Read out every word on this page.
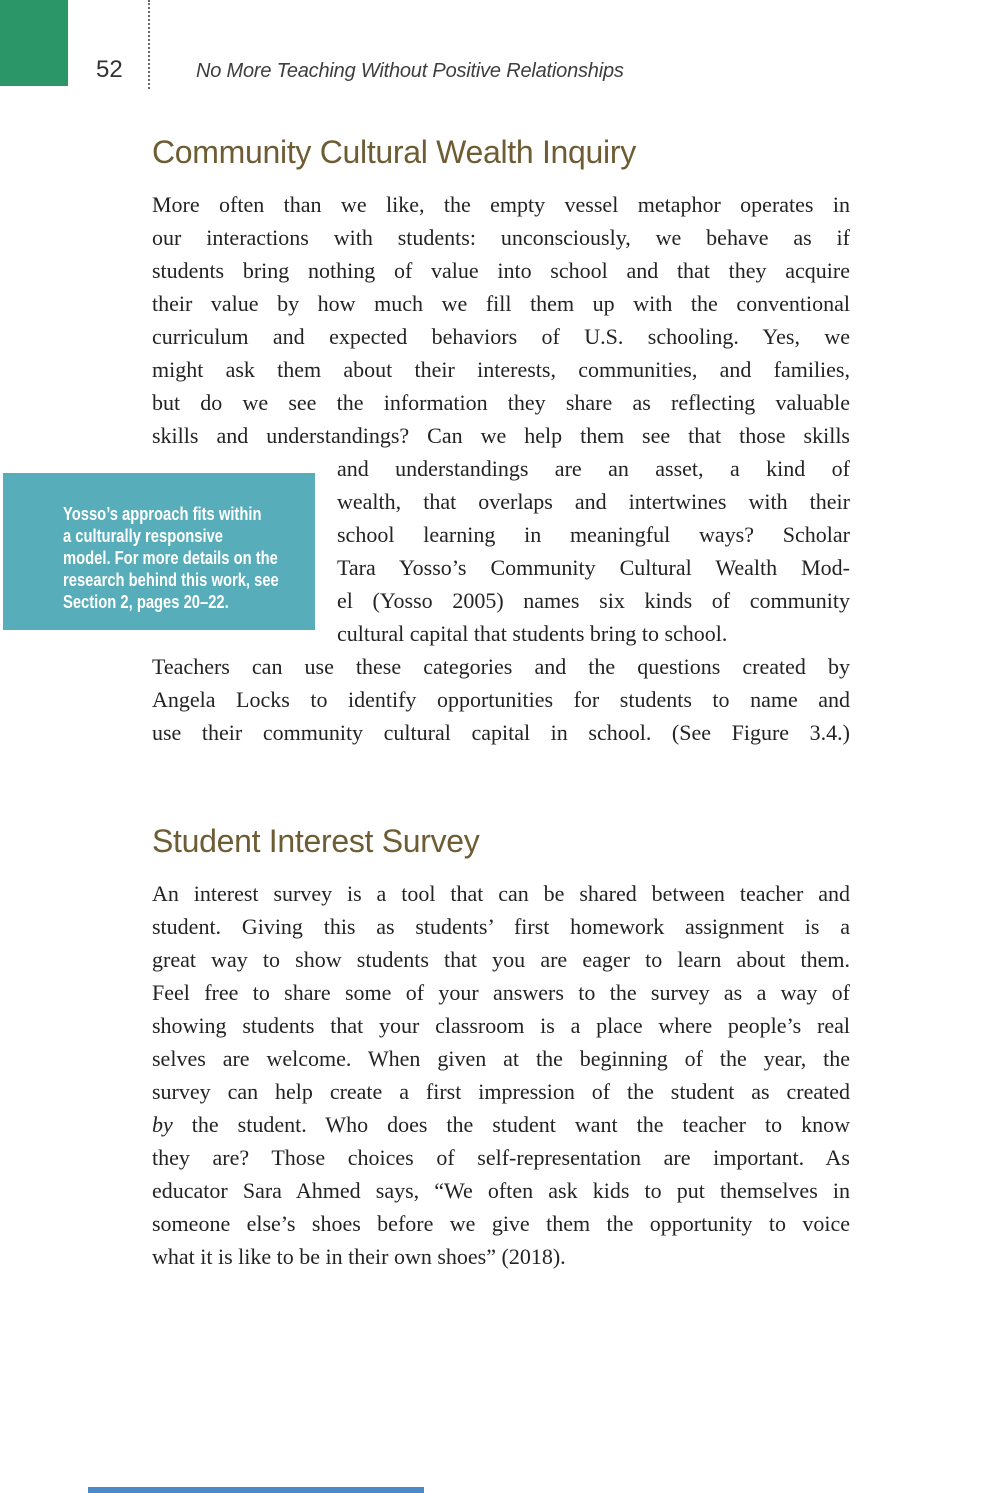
52	No More Teaching Without Positive Relationships
Community Cultural Wealth Inquiry
More often than we like, the empty vessel metaphor operates in
our interactions with students: unconsciously, we behave as if
students bring nothing of value into school and that they acquire
their value by how much we fill them up with the conventional
curriculum and expected behaviors of U.S. schooling. Yes, we
might ask them about their interests, communities, and families,
but do we see the information they share as reflecting valuable
skills and understandings? Can we help them see that those skills
Yosso’s approach fits within
a culturally responsive
model. For more details on the
research behind this work, see
Section 2, pages 20–22.
and understandings are an asset, a kind of
wealth, that overlaps and intertwines with their
school learning in meaningful ways? Scholar
Tara Yosso’s Community Cultural Wealth Mod-
el (Yosso 2005) names six kinds of community
cultural capital that students bring to school.
Teachers can use these categories and the questions created by
Angela Locks to identify opportunities for students to name and
use their community cultural capital in school. (See Figure 3.4.)
Student Interest Survey
An interest survey is a tool that can be shared between teacher and
student. Giving this as students’ first homework assignment is a
great way to show students that you are eager to learn about them.
Feel free to share some of your answers to the survey as a way of
showing students that your classroom is a place where people’s real
selves are welcome. When given at the beginning of the year, the
survey can help create a first impression of the student as created
by the student. Who does the student want the teacher to know
they are? Those choices of self-representation are important. As
educator Sara Ahmed says, “We often ask kids to put themselves in
someone else’s shoes before we give them the opportunity to voice
what it is like to be in their own shoes” (2018).
